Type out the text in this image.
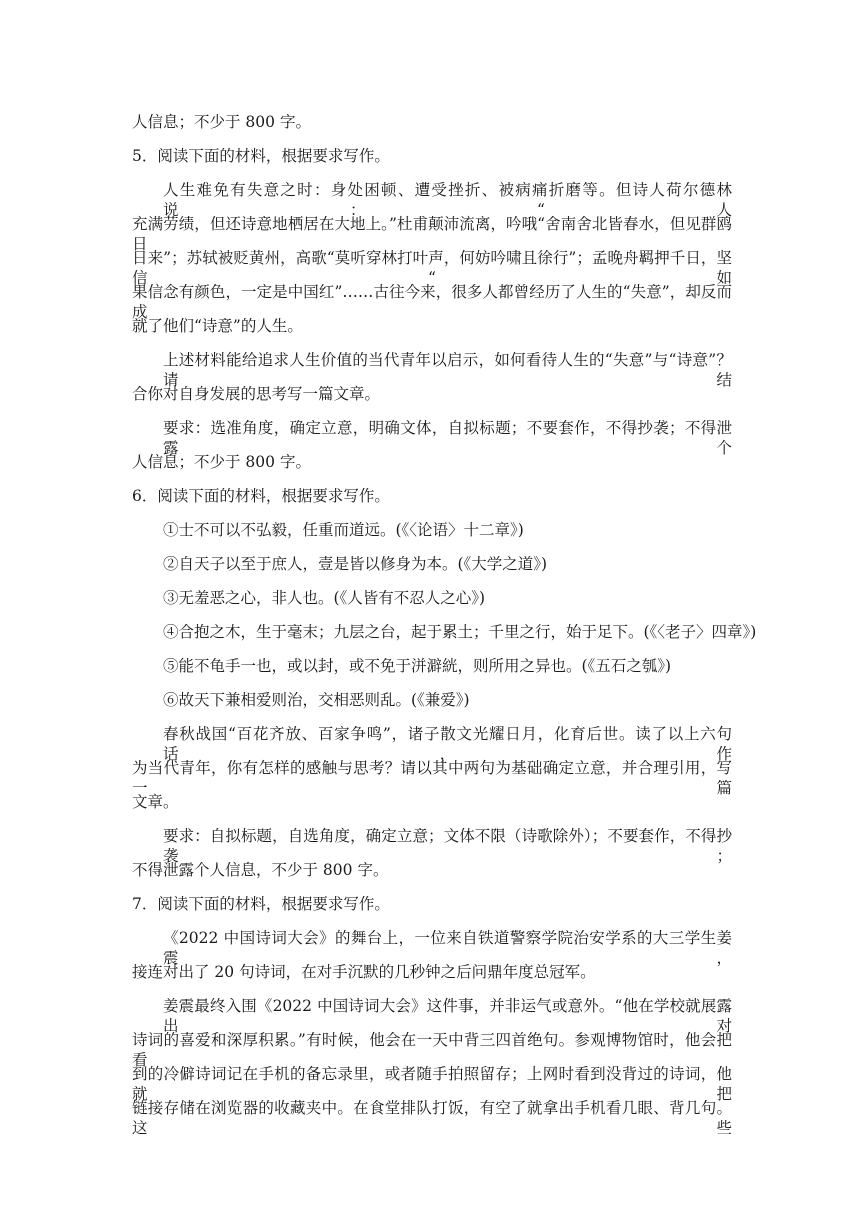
人信息；不少于 800 字。
5．阅读下面的材料，根据要求写作。
人生难免有失意之时：身处困顿、遭受挫折、被病痛折磨等。但诗人荷尔德林说：“人
充满劳绩，但还诗意地栖居在大地上。”杜甫颠沛流离，吟哦“舍南舍北皆春水，但见群鸥日
日来”；苏轼被贬黄州，高歌“莫听穿林打叶声，何妨吟啸且徐行”；孟晚舟羁押千日，坚信“如
果信念有颜色，一定是中国红”……古往今来，很多人都曾经历了人生的“失意”，却反而成
就了他们“诗意”的人生。
上述材料能给追求人生价值的当代青年以启示，如何看待人生的“失意”与“诗意”？请结
合你对自身发展的思考写一篇文章。
要求：选准角度，确定立意，明确文体，自拟标题；不要套作，不得抄袭；不得泄露个
人信息；不少于 800 字。
6．阅读下面的材料，根据要求写作。
①士不可以不弘毅，任重而道远。(《〈论语〉十二章》)
②自天子以至于庶人，壹是皆以修身为本。(《大学之道》)
③无羞恶之心，非人也。(《人皆有不忍人之心》)
④合抱之木，生于毫末；九层之台，起于累土；千里之行，始于足下。(《〈老子〉四章》)
⑤能不龟手一也，或以封，或不免于洴澼絖，则所用之异也。(《五石之瓠》)
⑥故天下兼相爱则治，交相恶则乱。(《兼爱》)
春秋战国“百花齐放、百家争鸣”，诸子散文光耀日月，化育后世。读了以上六句话，作
为当代青年，你有怎样的感触与思考？请以其中两句为基础确定立意，并合理引用，写一篇
文章。
要求：自拟标题，自选角度，确定立意；文体不限（诗歌除外）；不要套作，不得抄袭；
不得泄露个人信息，不少于 800 字。
7．阅读下面的材料，根据要求写作。
《2022 中国诗词大会》的舞台上，一位来自铁道警察学院治安学系的大三学生姜震，
接连对出了 20 句诗词，在对手沉默的几秒钟之后问鼎年度总冠军。
姜震最终入围《2022 中国诗词大会》这件事，并非运气或意外。“他在学校就展露出对
诗词的喜爱和深厚积累。”有时候，他会在一天中背三四首绝句。参观博物馆时，他会把看
到的冷僻诗词记在手机的备忘录里，或者随手拍照留存；上网时看到没背过的诗词，他就把
链接存储在浏览器的收藏夹中。在食堂排队打饭，有空了就拿出手机看几眼、背几句。这些
